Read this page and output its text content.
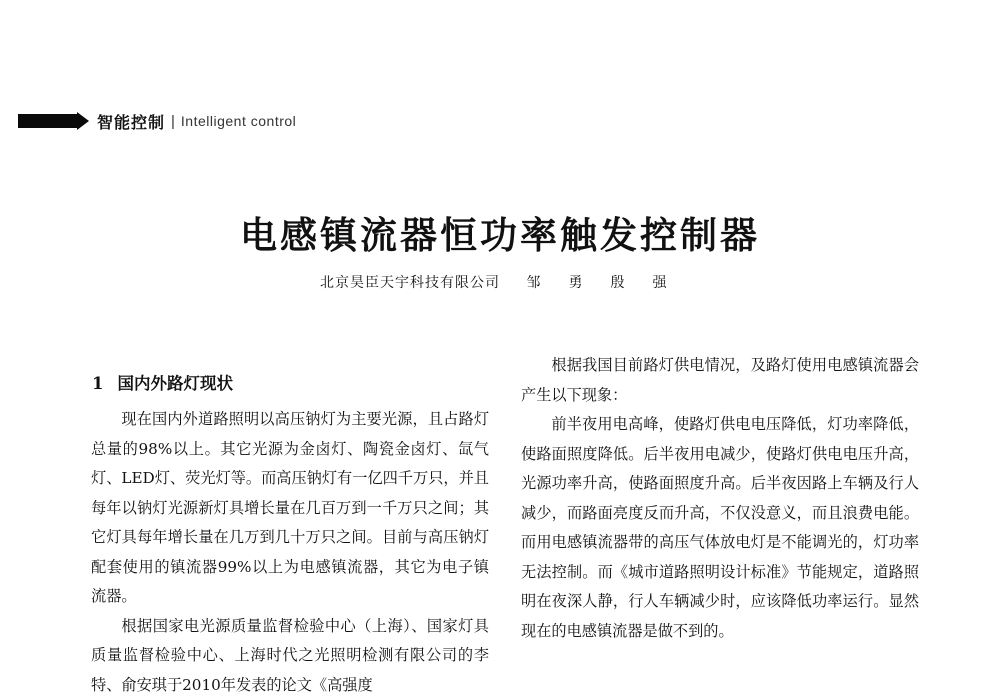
智能控制 | Intelligent control
电感镇流器恒功率触发控制器
北京昊臣天宇科技有限公司 邹 勇 殷 强
1 国内外路灯现状

现在国内外道路照明以高压钠灯为主要光源，且占路灯总量的98%以上。其它光源为金卤灯、陶瓷金卤灯、氙气灯、LED灯、荧光灯等。而高压钠灯有一亿四千万只，并且每年以钠灯光源新灯具增长量在几百万到一千万只之间；其它灯具每年增长量在几万到几十万只之间。目前与高压钠灯配套使用的镇流器99%以上为电感镇流器，其它为电子镇流器。

根据国家电光源质量监督检验中心（上海）、国家灯具质量监督检验中心、上海时代之光照明检测有限公司的李特、俞安琪于2010年发表的论文《高强度

根据我国目前路灯供电情况，及路灯使用电感镇流器会产生以下现象：

前半夜用电高峰，使路灯供电电压降低，灯功率降低，使路面照度降低。后半夜用电减少，使路灯供电电压升高，光源功率升高，使路面照度升高。后半夜因路上车辆及行人减少，而路面亮度反而升高，不仅没意义，而且浪费电能。而用电感镇流器带的高压气体放电灯是不能调光的，灯功率无法控制。而《城市道路照明设计标准》节能规定，道路照明在夜深人静，行人车辆减少时，应该降低功率运行。显然现在的电感镇流器是做不到的。
